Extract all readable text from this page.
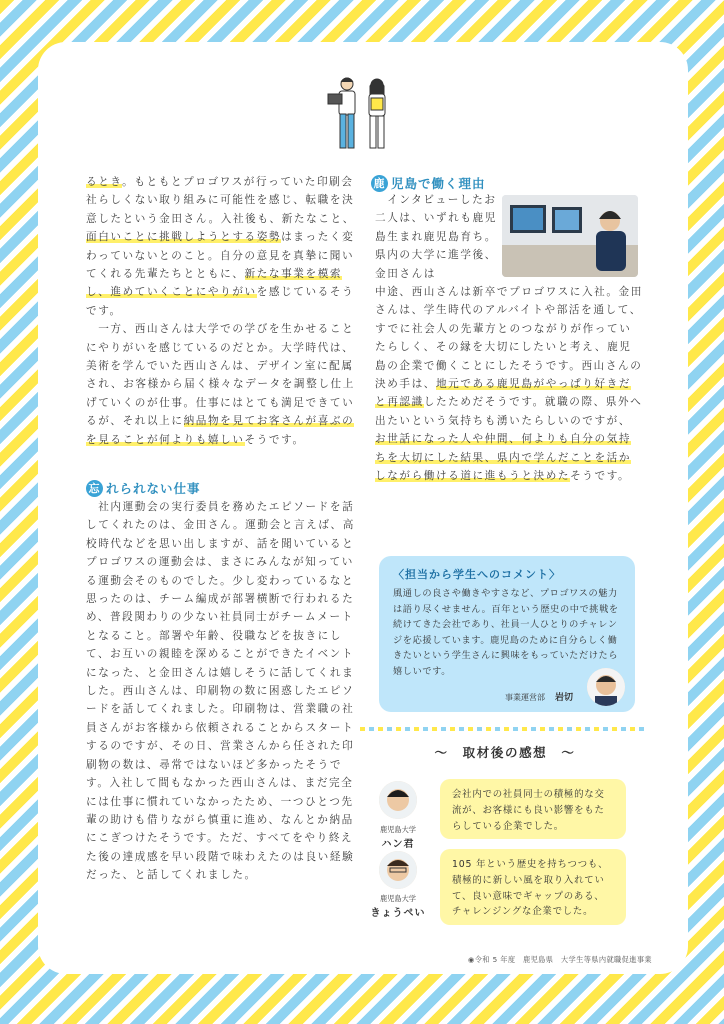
るとき。もともとプロゴワスが行っていた印刷会社らしくない取り組みに可能性を感じ、転職を決意したという金田さん。入社後も、新たなこと、面白いことに挑戦しようとする姿勢はまったく変わっていないとのこと。自分の意見を真摯に聞いてくれる先輩たちとともに、新たな事業を模索し、進めていくことにやりがいを感じているそうです。

　一方、西山さんは大学での学びを生かせることにやりがいを感じているのだとか。大学時代は、美術を学んでいた西山さんは、デザイン室に配属され、お客様から届く様々なデータを調整し仕上げていくのが仕事。仕事にはとても満足できているが、それ以上に納品物を見てお客さんが喜ぶのを見ることが何よりも嬉しいそうです。

忘 れられない仕事
　社内運動会の実行委員を務めたエピソードを話してくれたのは、金田さん。運動会と言えば、高校時代などを思い出しますが、話を聞いているとプロゴワスの運動会は、まさにみんなが知っている運動会そのものでした。少し変わっているなと思ったのは、チーム編成が部署横断で行われるため、普段関わりの少ない社員同士がチームメートとなること。部署や年齢、役職などを抜きにして、お互いの親睦を深めることができたイベントになった、と金田さんは嬉しそうに話してくれました。西山さんは、印刷物の数に困惑したエピソードを話してくれました。印刷物は、営業職の社員さんがお客様から依頼されることからスタートするのですが、その日、営業さんから任された印刷物の数は、尋常ではないほど多かったそうです。入社して間もなかった西山さんは、まだ完全には仕事に慣れていなかったため、一つひとつ先輩の助けも借りながら慎重に進め、なんとか納品にこぎつけたそうです。ただ、すべてをやり終えた後の達成感を早い段階で味わえたのは良い経験だった、と話してくれました。
鹿 児島で働く理由
　インタビューしたお二人は、いずれも鹿児島生まれ鹿児島育ち。県内の大学に進学後、金田さんは
中途、西山さんは新卒でプロゴワスに入社。金田さんは、学生時代のアルバイトや部活を通して、すでに社会人の先輩方とのつながりが作っていたらしく、その縁を大切にしたいと考え、鹿児島の企業で働くことにしたそうです。西山さんの決め手は、地元である鹿児島がやっぱり好きだと再認識したためだそうです。就職の際、県外へ出たいという気持ちも湧いたらしいのですが、お世話になった人や仲間、何よりも自分の気持ちを大切にした結果、県内で学んだことを活かしながら働ける道に進もうと決めたそうです。
〈担当から学生へのコメント〉
風通しの良さや働きやすさなど、プロゴワスの魅力は語り尽くせません。百年という歴史の中で挑戦を続けてきた会社であり、社員一人ひとりのチャレンジを応援しています。鹿児島のために自分らしく働きたいという学生さんに興味をもっていただけたら嬉しいです。
事業運営部 岩切
〜　取材後の感想　〜
鹿児島大学
ハン君
会社内での社員同士の積極的な交流が、お客様にも良い影響をもたらしている企業でした。
鹿児島大学
きょうぺい
105 年という歴史を持ちつつも、積極的に新しい風を取り入れていて、良い意味でギャップのある、チャレンジングな企業でした。
◉令和 5 年度　鹿児島県　大学生等県内就職促進事業
